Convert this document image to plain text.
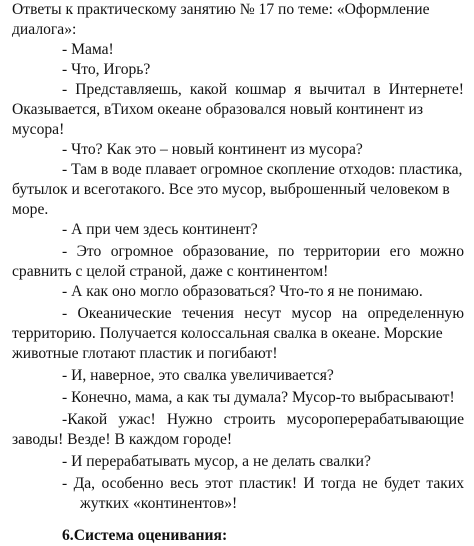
Ответы к практическому занятию № 17 по теме: «Оформление
диалога»:
- Мама!
- Что, Игорь?
- Представляешь, какой кошмар я вычитал в Интернете!
Оказывается, вТихом океане образовался новый континент из
мусора!
- Что? Как это – новый континент из мусора?
- Там в воде плавает огромное скопление отходов: пластика,
бутылок и всеготакого. Все это мусор, выброшенный человеком в
море.
- А при чем здесь континент?
- Это огромное образование, по территории его можно
сравнить с целой страной, даже с континентом!
- А как оно могло образоваться? Что-то я не понимаю.
- Океанические течения несут мусор на определенную
территорию. Получается колоссальная свалка в океане. Морские
животные глотают пластик и погибают!
- И, наверное, это свалка увеличивается?
- Конечно, мама, а как ты думала? Мусор-то выбрасывают!
-Какой ужас! Нужно строить мусороперерабатывающие
заводы! Везде! В каждом городе!
- И перерабатывать мусор, а не делать свалки?
- Да, особенно весь этот пластик! И тогда не будет таких
жутких «континентов»!
6.Система оценивания:
